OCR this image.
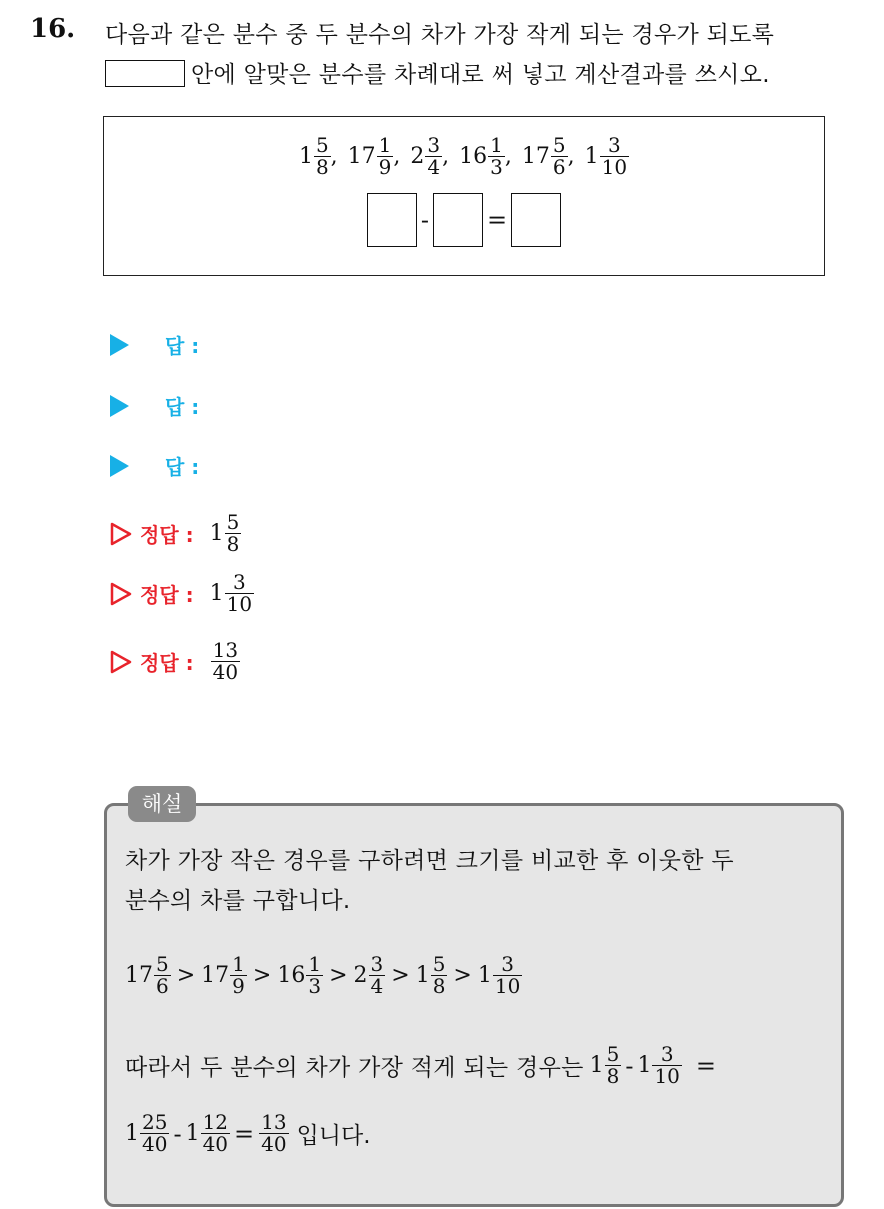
16. 다음과 같은 분수 중 두 분수의 차가 가장 작게 되는 경우가 되도록
안에 알맞은 분수를 차례대로 써 넣고 계산결과를 쓰시오.
$1 \frac{5}{8}$ , $17 \frac{1}{9}$ , $2 \frac{3}{4}$ , $16 \frac{1}{3}$ , $17 \frac{5}{6}$ , $1 \frac{3}{10}$
- =
답 :
답 :
답 :
정답 : $1 \frac{5}{8}$
정답 : $1 \frac{3}{10}$
정답 : $\frac{13}{40}$
해설
차가 가장 작은 경우를 구하려면 크기를 비교한 후 이웃한 두
분수의 차를 구합니다.
$17 \frac{5}{6} > 17 \frac{1}{9} > 16 \frac{1}{3} > 2 \frac{3}{4} > 1 \frac{5}{8} > 1 \frac{3}{10}$
따라서 두 분수의 차가 가장 적게 되는 경우는 $1 \frac{5}{8} - 1 \frac{3}{10}$ =
$1 \frac{25}{40} - 1 \frac{12}{40} = \frac{13}{40}$ 입니다.
